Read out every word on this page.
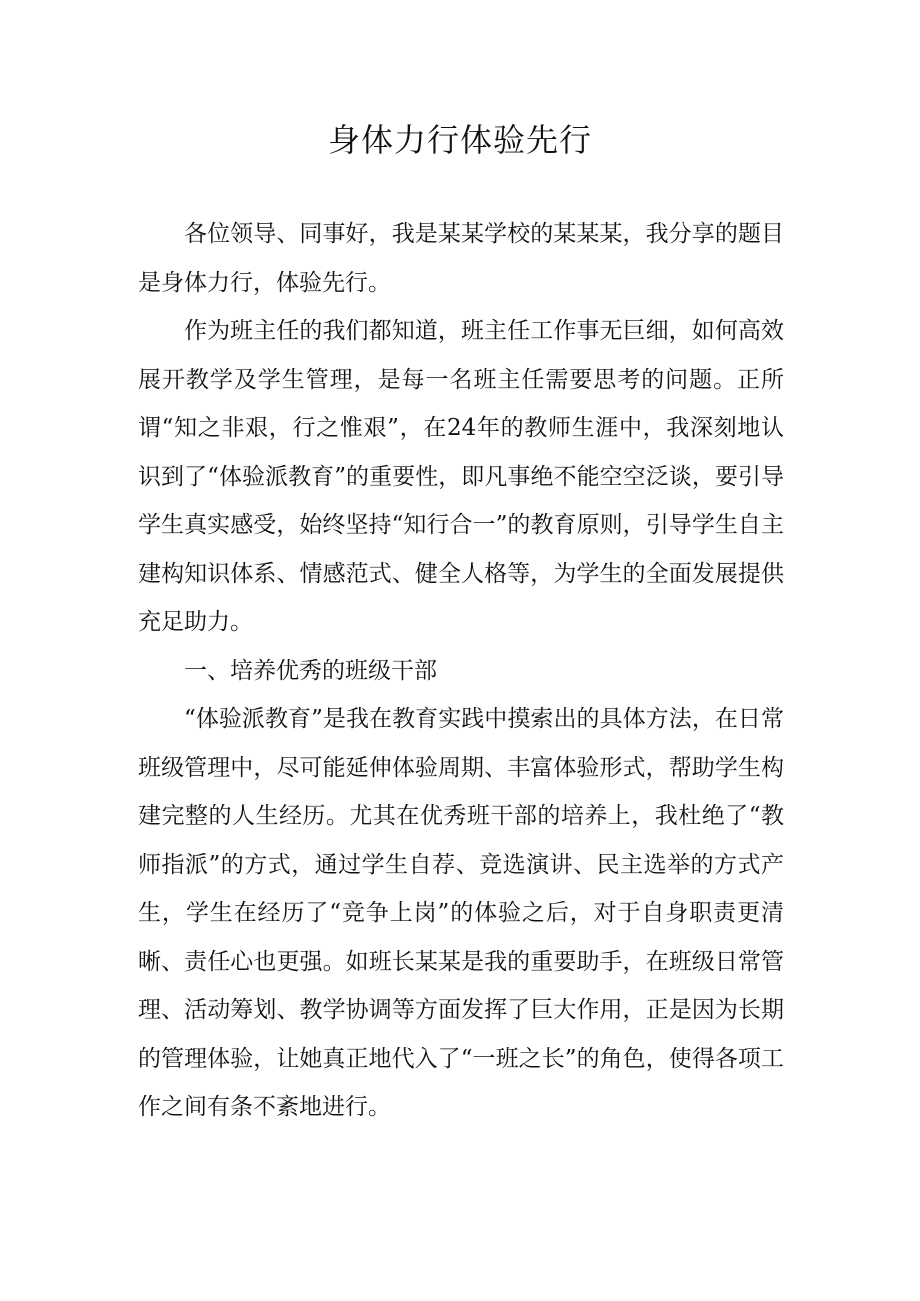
身体力行体验先行

各位领导、同事好，我是某某学校的某某某，我分享的题目是身体力行，体验先行。

作为班主任的我们都知道，班主任工作事无巨细，如何高效展开教学及学生管理，是每一名班主任需要思考的问题。正所谓“知之非艰，行之惟艰”，在24年的教师生涯中，我深刻地认识到了“体验派教育”的重要性，即凡事绝不能空空泛谈，要引导学生真实感受，始终坚持“知行合一”的教育原则，引导学生自主建构知识体系、情感范式、健全人格等，为学生的全面发展提供充足助力。

一、培养优秀的班级干部

“体验派教育”是我在教育实践中摸索出的具体方法，在日常班级管理中，尽可能延伸体验周期、丰富体验形式，帮助学生构建完整的人生经历。尤其在优秀班干部的培养上，我杜绝了“教师指派”的方式，通过学生自荐、竞选演讲、民主选举的方式产生，学生在经历了“竞争上岗”的体验之后，对于自身职责更清晰、责任心也更强。如班长某某是我的重要助手，在班级日常管理、活动筹划、教学协调等方面发挥了巨大作用，正是因为长期的管理体验，让她真正地代入了“一班之长”的角色，使得各项工作之间有条不紊地进行。
